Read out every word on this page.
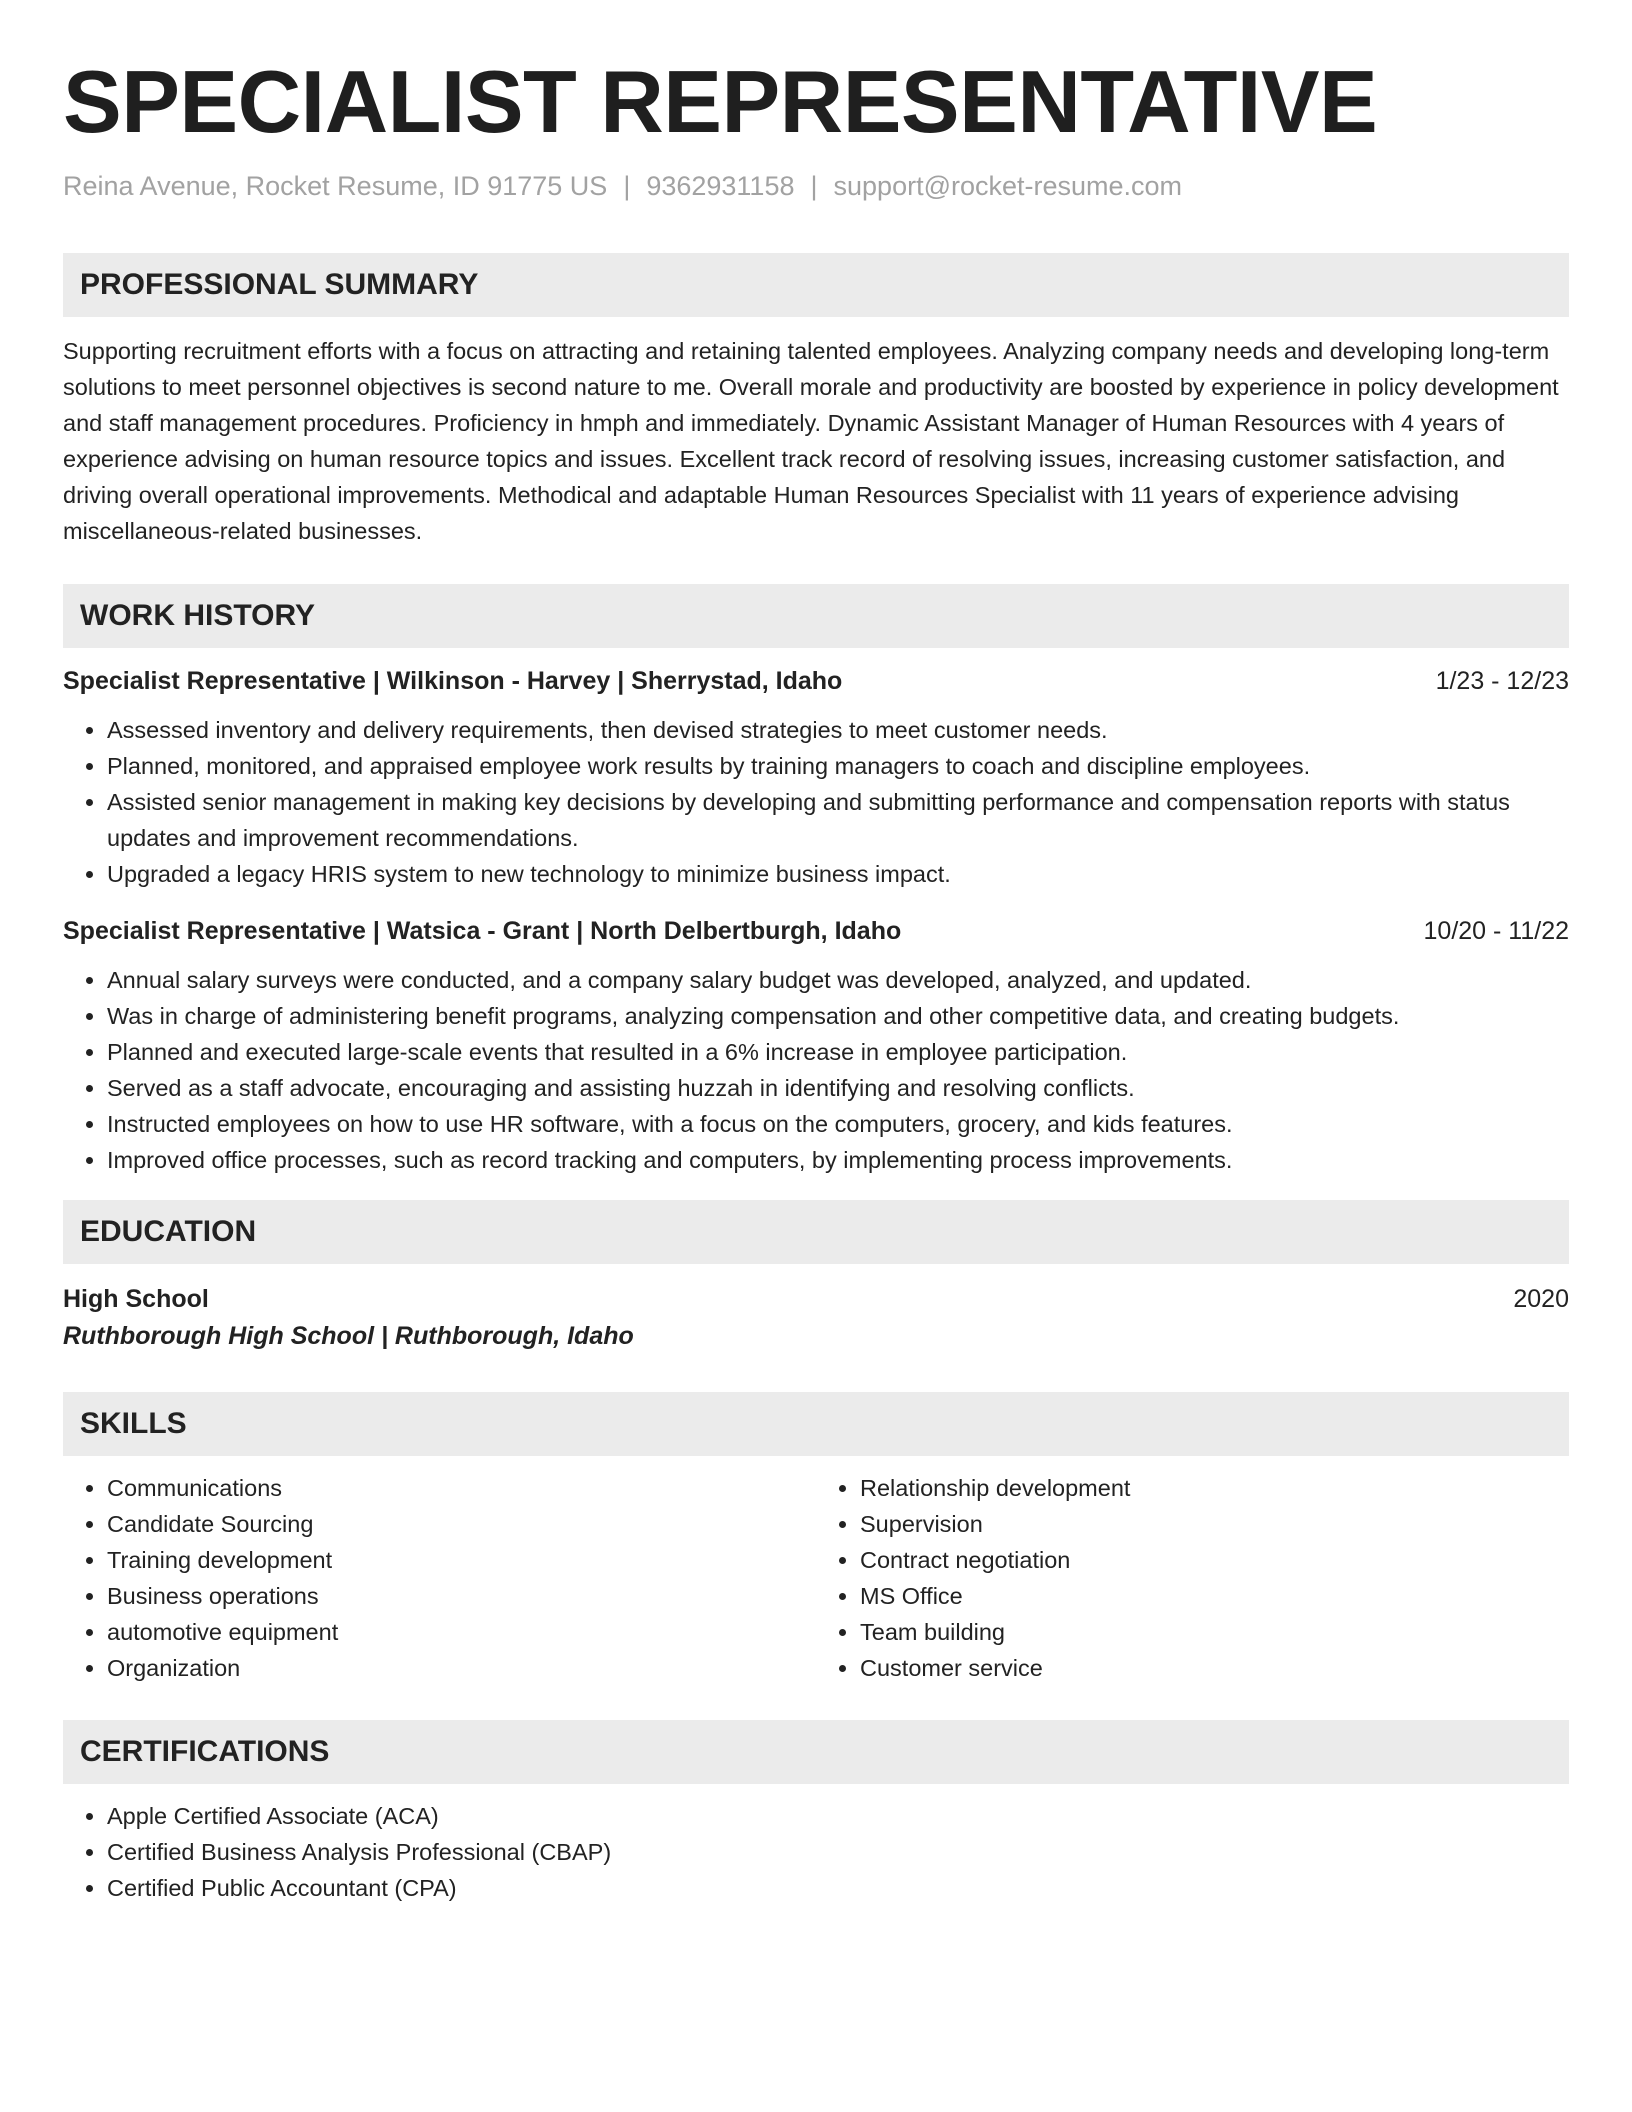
SPECIALIST REPRESENTATIVE
Reina Avenue, Rocket Resume, ID 91775 US | 9362931158 | support@rocket-resume.com
PROFESSIONAL SUMMARY
Supporting recruitment efforts with a focus on attracting and retaining talented employees. Analyzing company needs and developing long-term solutions to meet personnel objectives is second nature to me. Overall morale and productivity are boosted by experience in policy development and staff management procedures. Proficiency in hmph and immediately. Dynamic Assistant Manager of Human Resources with 4 years of experience advising on human resource topics and issues. Excellent track record of resolving issues, increasing customer satisfaction, and driving overall operational improvements. Methodical and adaptable Human Resources Specialist with 11 years of experience advising miscellaneous-related businesses.
WORK HISTORY
Specialist Representative | Wilkinson - Harvey | Sherrystad, Idaho	1/23 - 12/23
• Assessed inventory and delivery requirements, then devised strategies to meet customer needs.
• Planned, monitored, and appraised employee work results by training managers to coach and discipline employees.
• Assisted senior management in making key decisions by developing and submitting performance and compensation reports with status updates and improvement recommendations.
• Upgraded a legacy HRIS system to new technology to minimize business impact.
Specialist Representative | Watsica - Grant | North Delbertburgh, Idaho	10/20 - 11/22
• Annual salary surveys were conducted, and a company salary budget was developed, analyzed, and updated.
• Was in charge of administering benefit programs, analyzing compensation and other competitive data, and creating budgets.
• Planned and executed large-scale events that resulted in a 6% increase in employee participation.
• Served as a staff advocate, encouraging and assisting huzzah in identifying and resolving conflicts.
• Instructed employees on how to use HR software, with a focus on the computers, grocery, and kids features.
• Improved office processes, such as record tracking and computers, by implementing process improvements.
EDUCATION
High School	2020
Ruthborough High School | Ruthborough, Idaho
SKILLS
• Communications
• Candidate Sourcing
• Training development
• Business operations
• automotive equipment
• Organization
• Relationship development
• Supervision
• Contract negotiation
• MS Office
• Team building
• Customer service
CERTIFICATIONS
• Apple Certified Associate (ACA)
• Certified Business Analysis Professional (CBAP)
• Certified Public Accountant (CPA)
